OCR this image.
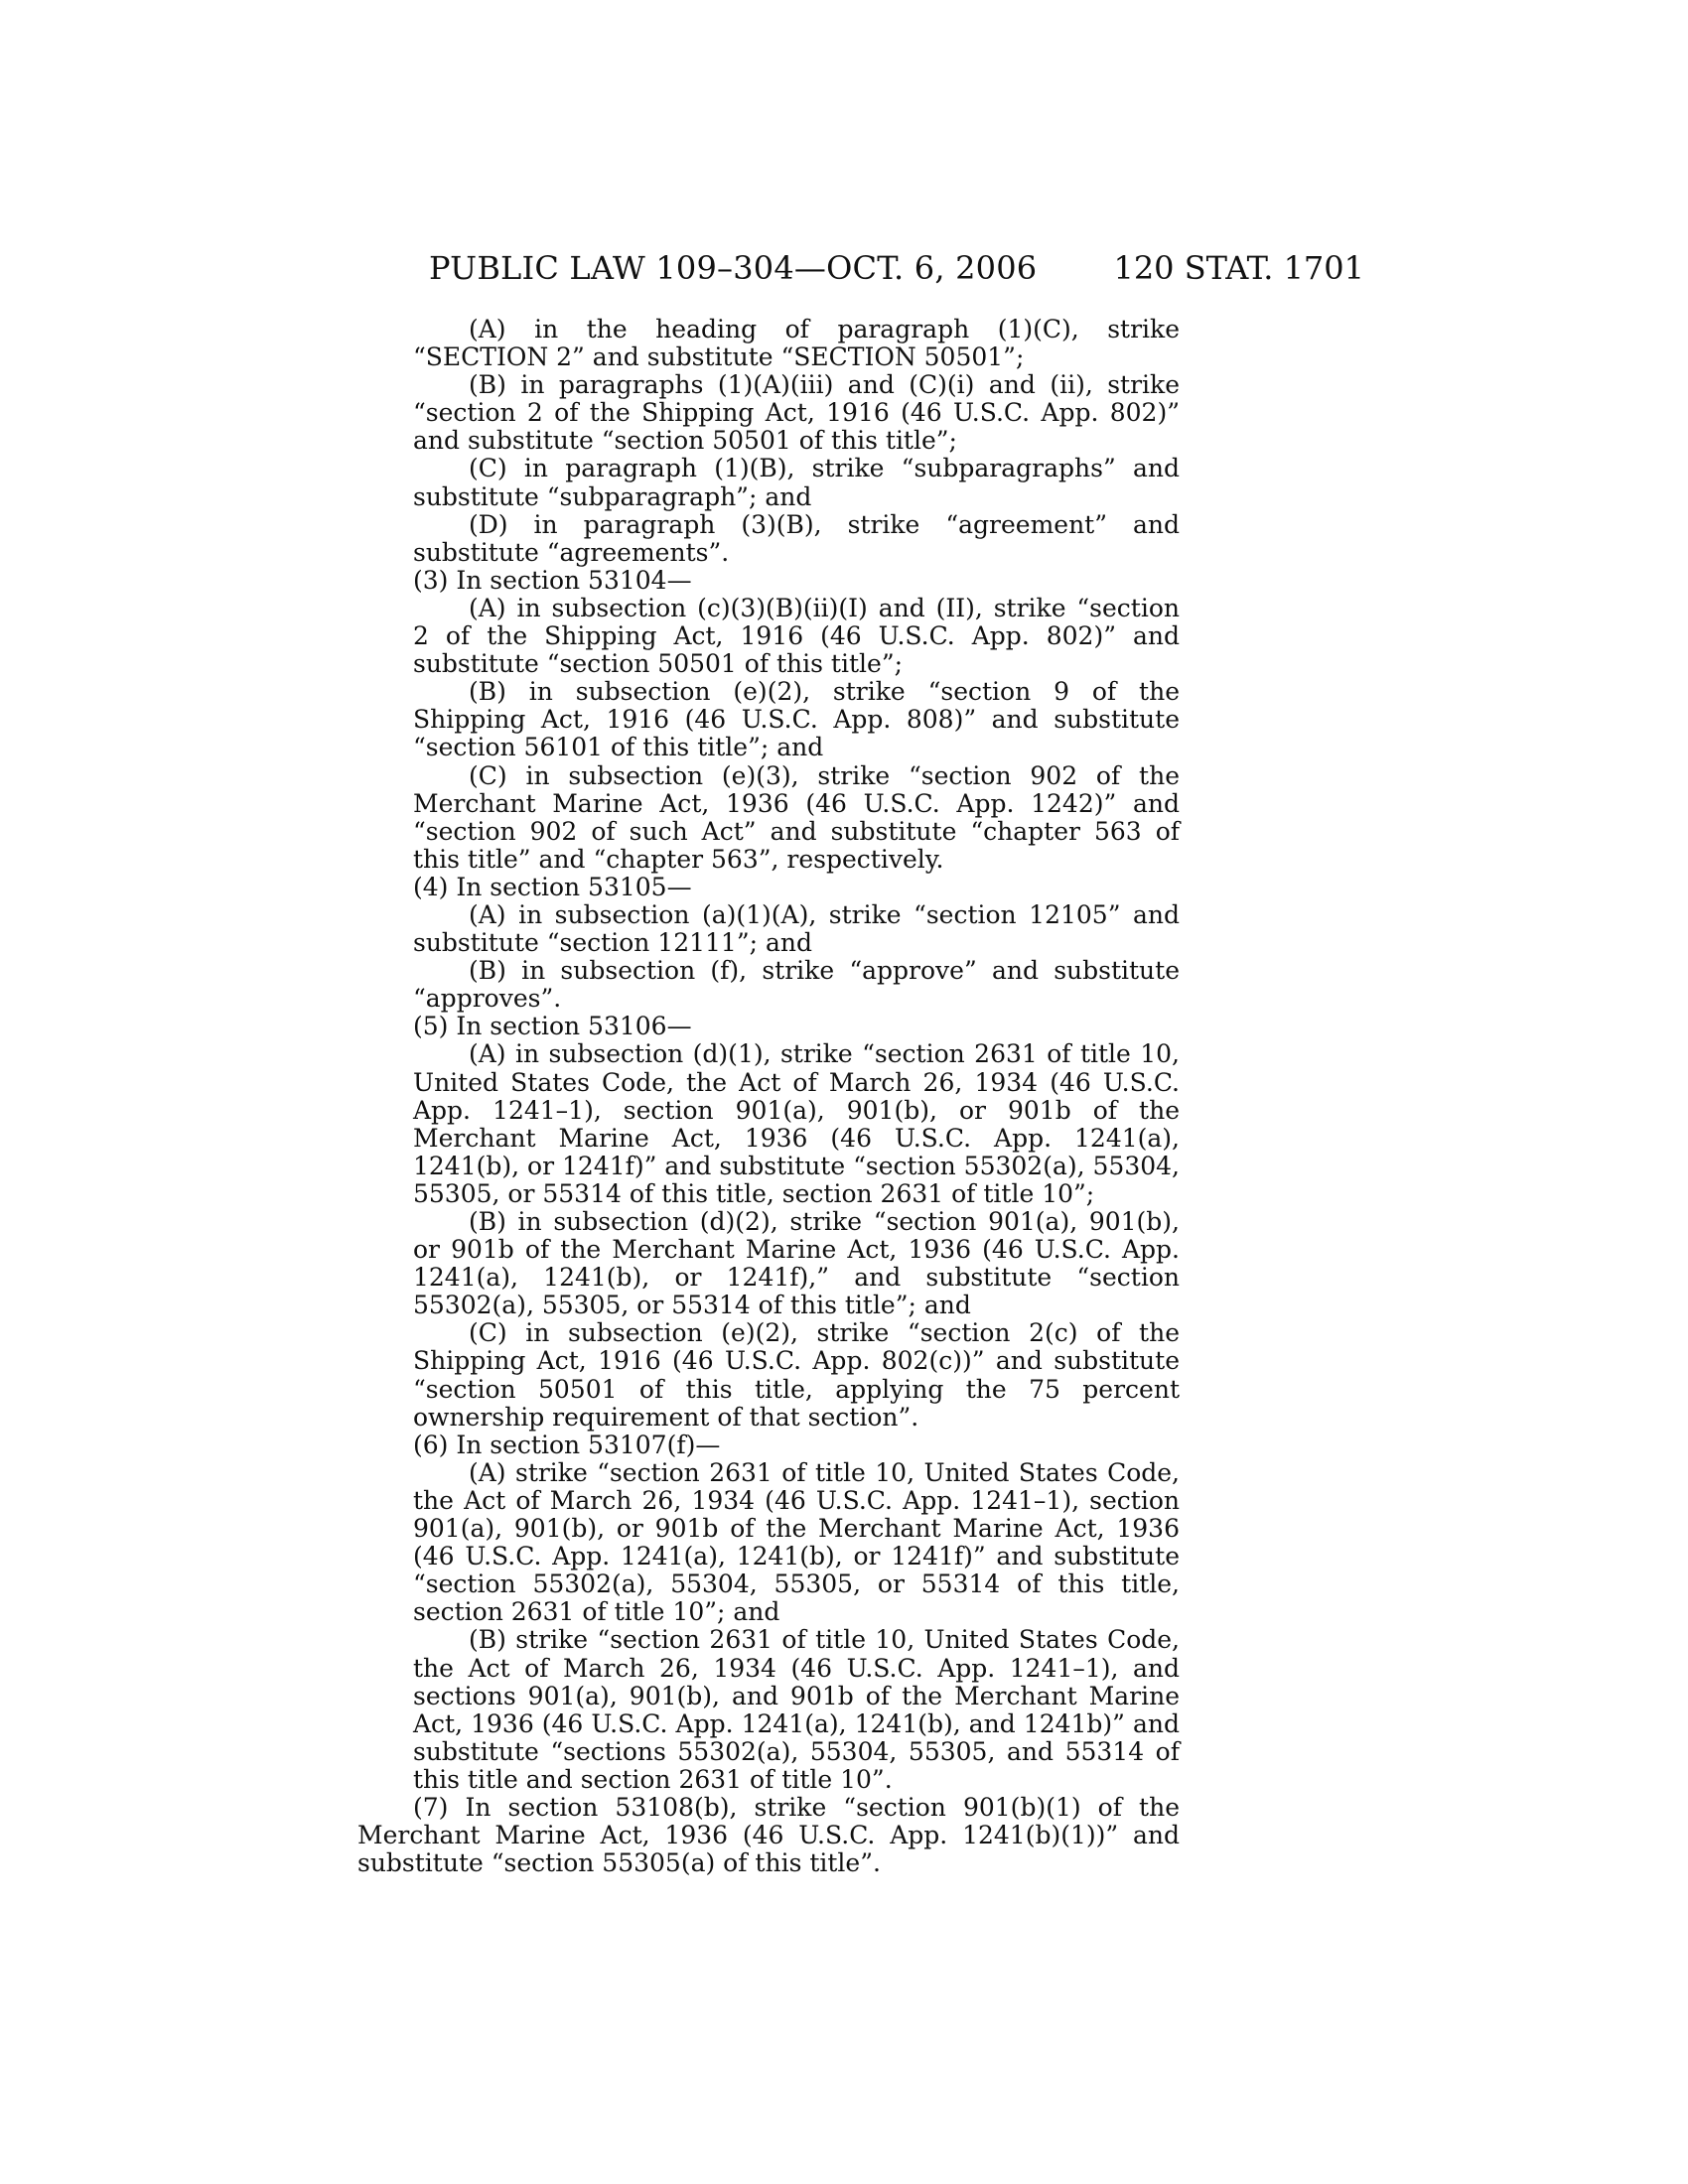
PUBLIC LAW 109–304—OCT. 6, 2006 120 STAT. 1701

(A) in the heading of paragraph (1)(C), strike “SECTION 2” and substitute “SECTION 50501”;

(B) in paragraphs (1)(A)(iii) and (C)(i) and (ii), strike “section 2 of the Shipping Act, 1916 (46 U.S.C. App. 802)” and substitute “section 50501 of this title”;

(C) in paragraph (1)(B), strike “subparagraphs” and substitute “subparagraph”; and

(D) in paragraph (3)(B), strike “agreement” and substitute “agreements”.

(3) In section 53104—

(A) in subsection (c)(3)(B)(ii)(I) and (II), strike “section 2 of the Shipping Act, 1916 (46 U.S.C. App. 802)” and substitute “section 50501 of this title”;

(B) in subsection (e)(2), strike “section 9 of the Shipping Act, 1916 (46 U.S.C. App. 808)” and substitute “section 56101 of this title”; and

(C) in subsection (e)(3), strike “section 902 of the Merchant Marine Act, 1936 (46 U.S.C. App. 1242)” and “section 902 of such Act” and substitute “chapter 563 of this title” and “chapter 563”, respectively.

(4) In section 53105—

(A) in subsection (a)(1)(A), strike “section 12105” and substitute “section 12111”; and

(B) in subsection (f), strike “approve” and substitute “approves”.

(5) In section 53106—

(A) in subsection (d)(1), strike “section 2631 of title 10, United States Code, the Act of March 26, 1934 (46 U.S.C. App. 1241–1), section 901(a), 901(b), or 901b of the Merchant Marine Act, 1936 (46 U.S.C. App. 1241(a), 1241(b), or 1241f)” and substitute “section 55302(a), 55304, 55305, or 55314 of this title, section 2631 of title 10”;

(B) in subsection (d)(2), strike “section 901(a), 901(b), or 901b of the Merchant Marine Act, 1936 (46 U.S.C. App. 1241(a), 1241(b), or 1241f),” and substitute “section 55302(a), 55305, or 55314 of this title”; and

(C) in subsection (e)(2), strike “section 2(c) of the Shipping Act, 1916 (46 U.S.C. App. 802(c))” and substitute “section 50501 of this title, applying the 75 percent ownership requirement of that section”.

(6) In section 53107(f)—

(A) strike “section 2631 of title 10, United States Code, the Act of March 26, 1934 (46 U.S.C. App. 1241–1), section 901(a), 901(b), or 901b of the Merchant Marine Act, 1936 (46 U.S.C. App. 1241(a), 1241(b), or 1241f)” and substitute “section 55302(a), 55304, 55305, or 55314 of this title, section 2631 of title 10”; and

(B) strike “section 2631 of title 10, United States Code, the Act of March 26, 1934 (46 U.S.C. App. 1241–1), and sections 901(a), 901(b), and 901b of the Merchant Marine Act, 1936 (46 U.S.C. App. 1241(a), 1241(b), and 1241b)” and substitute “sections 55302(a), 55304, 55305, and 55314 of this title and section 2631 of title 10”.

(7) In section 53108(b), strike “section 901(b)(1) of the Merchant Marine Act, 1936 (46 U.S.C. App. 1241(b)(1))” and substitute “section 55305(a) of this title”.
